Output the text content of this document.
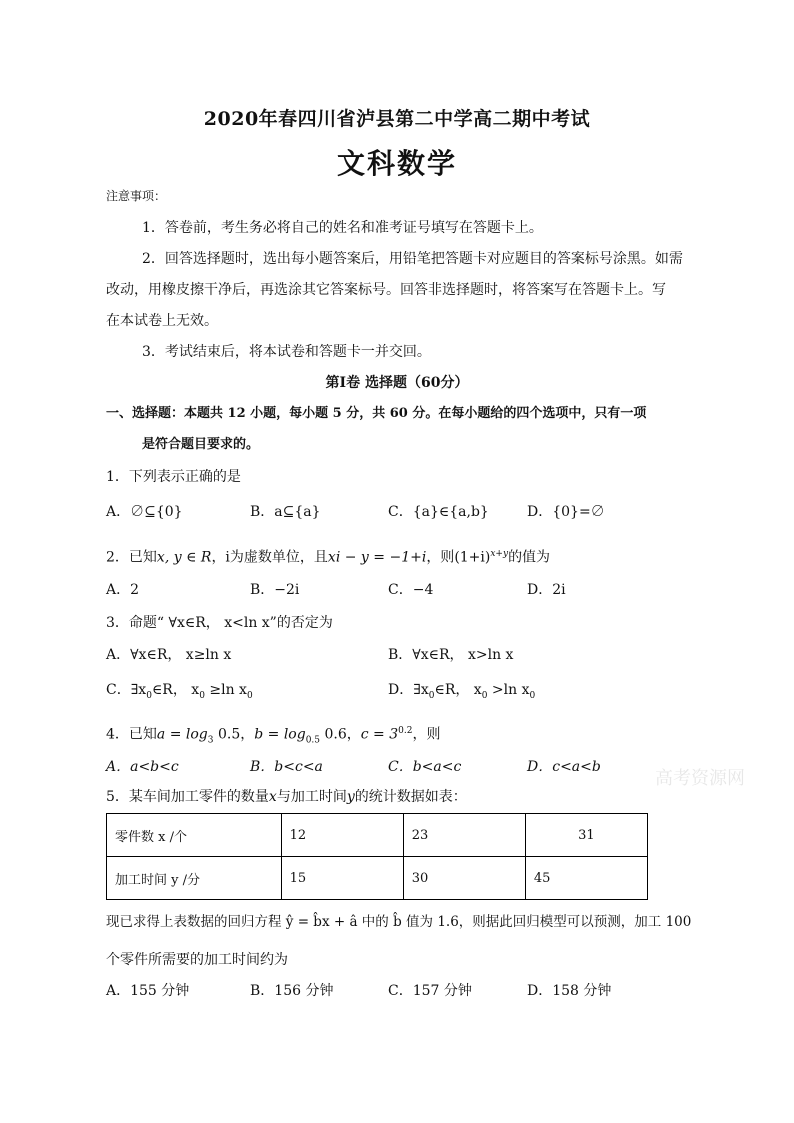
2020年春四川省泸县第二中学高二期中考试
文科数学
注意事项：
1．答卷前，考生务必将自己的姓名和准考证号填写在答题卡上。
2．回答选择题时，选出每小题答案后，用铅笔把答题卡对应题目的答案标号涂黑。如需
改动，用橡皮擦干净后，再选涂其它答案标号。回答非选择题时，将答案写在答题卡上。写
在本试卷上无效。
3．考试结束后，将本试卷和答题卡一并交回。
第Ⅰ卷 选择题（60分）
一、选择题：本题共 12 小题，每小题 5 分，共 60 分。在每小题给的四个选项中，只有一项
是符合题目要求的。
1．下列表示正确的是
A．∅⊆{0}	B．a⊆{a}	C．{a}∈{a,b}	D．{0}=∅
2．已知x, y ∈ R，i为虚数单位，且xi − y = −1+i，则$(1+i)^{x+y}$的值为
A．2	B．−2i	C．−4	D．2i
3．命题“ ∀x∈R， x<ln x”的否定为
A．∀x∈R， x≥ln x	B．∀x∈R， x>ln x
C．$\exists x_0\in R$， $x_0 \ge\ln$ $x_0$	D．$\exists x_0\in R$， $x_0 >\ln$ $x_0$
4．已知$a = \log_3 0.5$，$b = \log_{0.5} 0.6$，$c = 3^{0.2}$，则
A．a<b<c	B．b<c<a	C．b<a<c	D．c<a<b
高考资源网
5．某车间加工零件的数量x与加工时间y的统计数据如表：
零件数 x /个	12	23	31
加工时间 y /分	15	30	45
现已求得上表数据的回归方程 ŷ = b̂x + â 中的 b̂ 值为 1.6，则据此回归模型可以预测，加工 100
个零件所需要的加工时间约为
A．155 分钟	B．156 分钟	C．157 分钟	D．158 分钟
